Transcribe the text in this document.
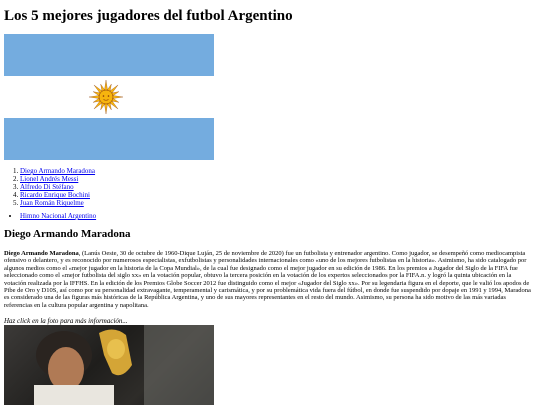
Los 5 mejores jugadores del futbol Argentino
1. Diego Armando Maradona
2. Lionel Andrés Messi
3. Alfredo Di Stéfano
4. Ricardo Enrique Bochini
5. Juan Román Riquelme
• Himno Nacional Argentino
Diego Armando Maradona

Diego Armando Maradona, (Lanús Oeste, 30 de octubre de 1960-Dique Luján, 25 de noviembre de 2020) fue un futbolista y entrenador argentino. Como jugador, se desempeñó como mediocampista ofensivo o delantero, y es reconocido por numerosos especialistas, exfutbolistas y personalidades internacionales como «uno de los mejores futbolistas en la historia». Asimismo, ha sido catalogado por algunos medios como el «mejor jugador en la historia de la Copa Mundial», de la cual fue designado como el mejor jugador en su edición de 1986. En los premios a Jugador del Siglo de la FIFA fue seleccionado como el «mejor futbolista del siglo xx» en la votación popular, obtuvo la tercera posición en la votación de los expertos seleccionados por la FIFA.n. y logró la quinta ubicación en la votación realizada por la IFFHS. En la edición de los Premios Globe Soccer 2012 fue distinguido como el mejor «Jugador del Siglo xx». Por su legendaria figura en el deporte, que le valió los apodos de Pibe de Oro y D10S, así como por su personalidad extravagante, temperamental y carismática, y por su problemática vida fuera del fútbol, en donde fue suspendido por dopaje en 1991 y 1994, Maradona es considerado una de las figuras más históricas de la República Argentina, y uno de sus mayores representantes en el resto del mundo. Asimismo, su persona ha sido motivo de las más variadas referencias en la cultura popular argentina y napolitana.

Haz click en la foto para más información...
